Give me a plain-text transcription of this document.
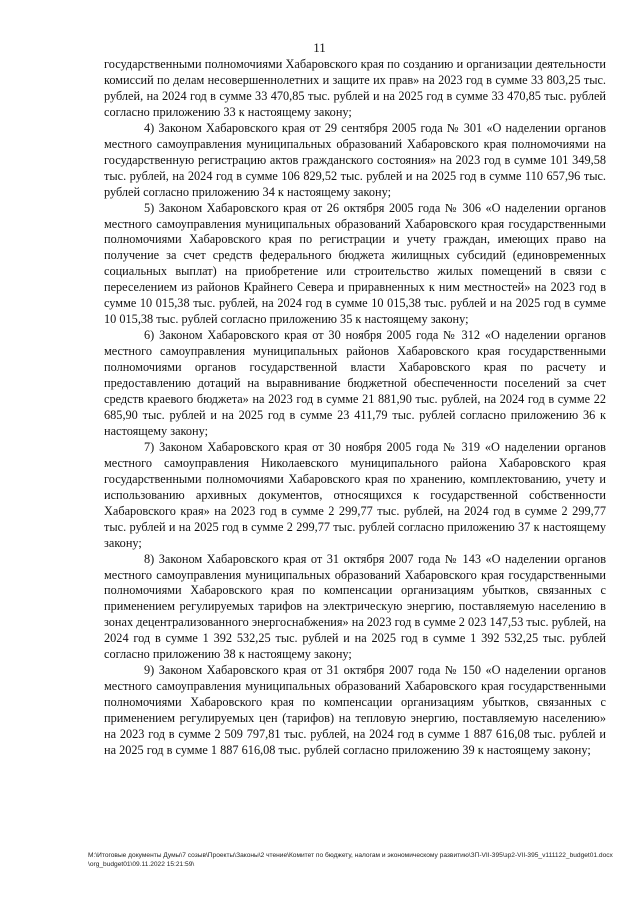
11

государственными полномочиями Хабаровского края по созданию и организации деятельности комиссий по делам несовершеннолетних и защите их прав» на 2023 год в сумме 33 803,25 тыс. рублей, на 2024 год в сумме 33 470,85 тыс. рублей и на 2025 год в сумме 33 470,85 тыс. рублей согласно приложению 33 к настоящему закону;

4) Законом Хабаровского края от 29 сентября 2005 года № 301 «О наделении органов местного самоуправления муниципальных образований Хабаровского края полномочиями на государственную регистрацию актов гражданского состояния» на 2023 год в сумме 101 349,58 тыс. рублей, на 2024 год в сумме 106 829,52 тыс. рублей и на 2025 год в сумме 110 657,96 тыс. рублей согласно приложению 34 к настоящему закону;

5) Законом Хабаровского края от 26 октября 2005 года № 306 «О наделении органов местного самоуправления муниципальных образований Хабаровского края государственными полномочиями Хабаровского края по регистрации и учету граждан, имеющих право на получение за счет средств федерального бюджета жилищных субсидий (единовременных социальных выплат) на приобретение или строительство жилых помещений в связи с переселением из районов Крайнего Севера и приравненных к ним местностей» на 2023 год в сумме 10 015,38 тыс. рублей, на 2024 год в сумме 10 015,38 тыс. рублей и на 2025 год в сумме 10 015,38 тыс. рублей согласно приложению 35 к настоящему закону;

6) Законом Хабаровского края от 30 ноября 2005 года № 312 «О наделении органов местного самоуправления муниципальных районов Хабаровского края государственными полномочиями органов государственной власти Хабаровского края по расчету и предоставлению дотаций на выравнивание бюджетной обеспеченности поселений за счет средств краевого бюджета» на 2023 год в сумме 21 881,90 тыс. рублей, на 2024 год в сумме 22 685,90 тыс. рублей и на 2025 год в сумме 23 411,79 тыс. рублей согласно приложению 36 к настоящему закону;

7) Законом Хабаровского края от 30 ноября 2005 года № 319 «О наделении органов местного самоуправления Николаевского муниципального района Хабаровского края государственными полномочиями Хабаровского края по хранению, комплектованию, учету и использованию архивных документов, относящихся к государственной собственности Хабаровского края» на 2023 год в сумме 2 299,77 тыс. рублей, на 2024 год в сумме 2 299,77 тыс. рублей и на 2025 год в сумме 2 299,77 тыс. рублей согласно приложению 37 к настоящему закону;

8) Законом Хабаровского края от 31 октября 2007 года № 143 «О наделении органов местного самоуправления муниципальных образований Хабаровского края государственными полномочиями Хабаровского края по компенсации организациям убытков, связанных с применением регулируемых тарифов на электрическую энергию, поставляемую населению в зонах децентрализованного энергоснабжения» на 2023 год в сумме 2 023 147,53 тыс. рублей, на 2024 год в сумме 1 392 532,25 тыс. рублей и на 2025 год в сумме 1 392 532,25 тыс. рублей согласно приложению 38 к настоящему закону;

9) Законом Хабаровского края от 31 октября 2007 года № 150 «О наделении органов местного самоуправления муниципальных образований Хабаровского края государственными полномочиями Хабаровского края по компенсации организациям убытков, связанных с применением регулируемых цен (тарифов) на тепловую энергию, поставляемую населению» на 2023 год в сумме 2 509 797,81 тыс. рублей, на 2024 год в сумме 1 887 616,08 тыс. рублей и на 2025 год в сумме 1 887 616,08 тыс. рублей согласно приложению 39 к настоящему закону;

M:\Итоговые документы Думы\7 созыв\Проекты\Законы\2 чтение\Комитет по бюджету, налогам и экономическому развитию\ЗП-VII-395\зр2-VII-395_v111122_budget01.docx\org_budget01\09.11.2022 15:21:59\
